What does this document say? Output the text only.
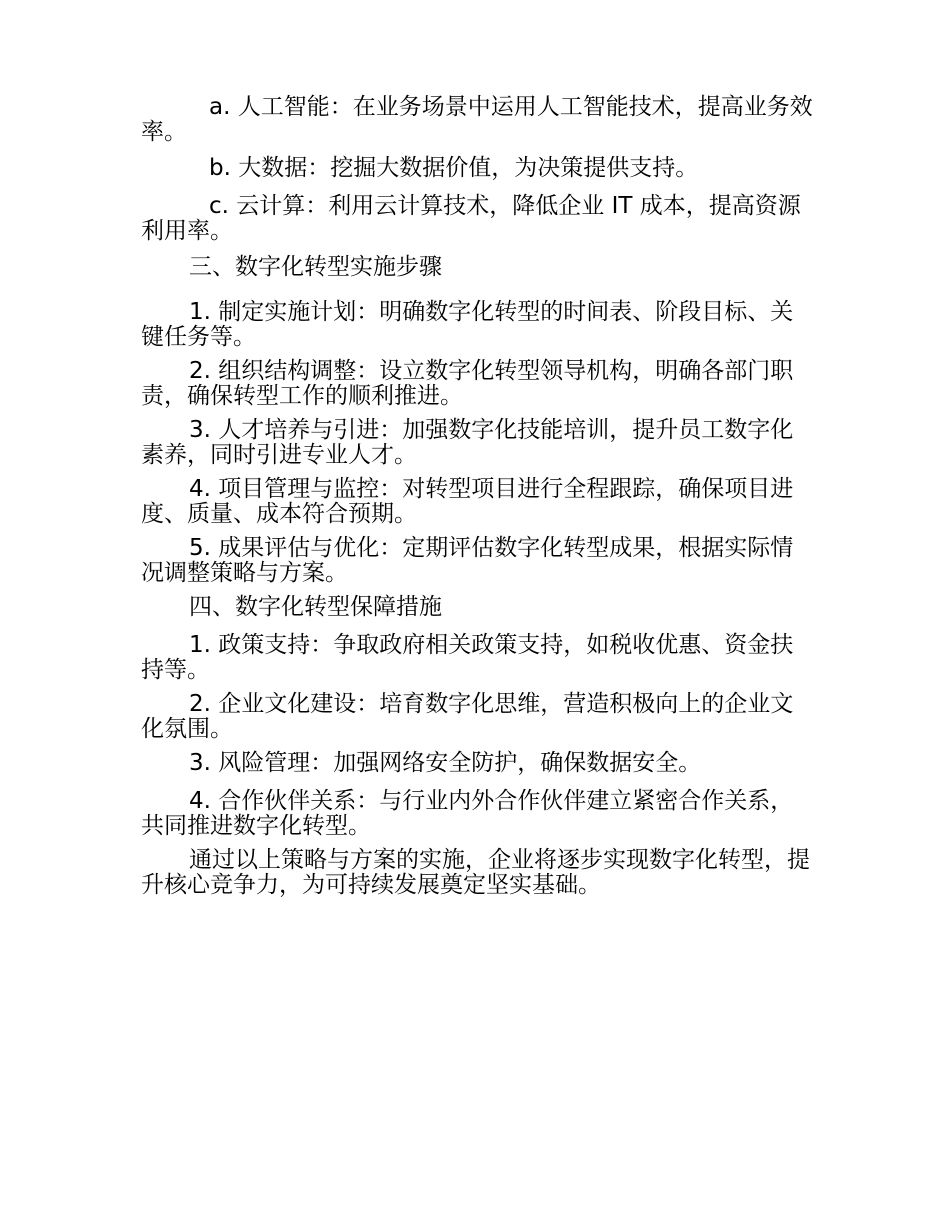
a. 人工智能：在业务场景中运用人工智能技术，提高业务效率。

b. 大数据：挖掘大数据价值，为决策提供支持。

c. 云计算：利用云计算技术，降低企业 IT 成本，提高资源利用率。

三、数字化转型实施步骤

1. 制定实施计划：明确数字化转型的时间表、阶段目标、关键任务等。

2. 组织结构调整：设立数字化转型领导机构，明确各部门职责，确保转型工作的顺利推进。

3. 人才培养与引进：加强数字化技能培训，提升员工数字化素养，同时引进专业人才。

4. 项目管理与监控：对转型项目进行全程跟踪，确保项目进度、质量、成本符合预期。

5. 成果评估与优化：定期评估数字化转型成果，根据实际情况调整策略与方案。

四、数字化转型保障措施

1. 政策支持：争取政府相关政策支持，如税收优惠、资金扶持等。

2. 企业文化建设：培育数字化思维，营造积极向上的企业文化氛围。

3. 风险管理：加强网络安全防护，确保数据安全。

4. 合作伙伴关系：与行业内外合作伙伴建立紧密合作关系，共同推进数字化转型。

通过以上策略与方案的实施，企业将逐步实现数字化转型，提升核心竞争力，为可持续发展奠定坚实基础。
